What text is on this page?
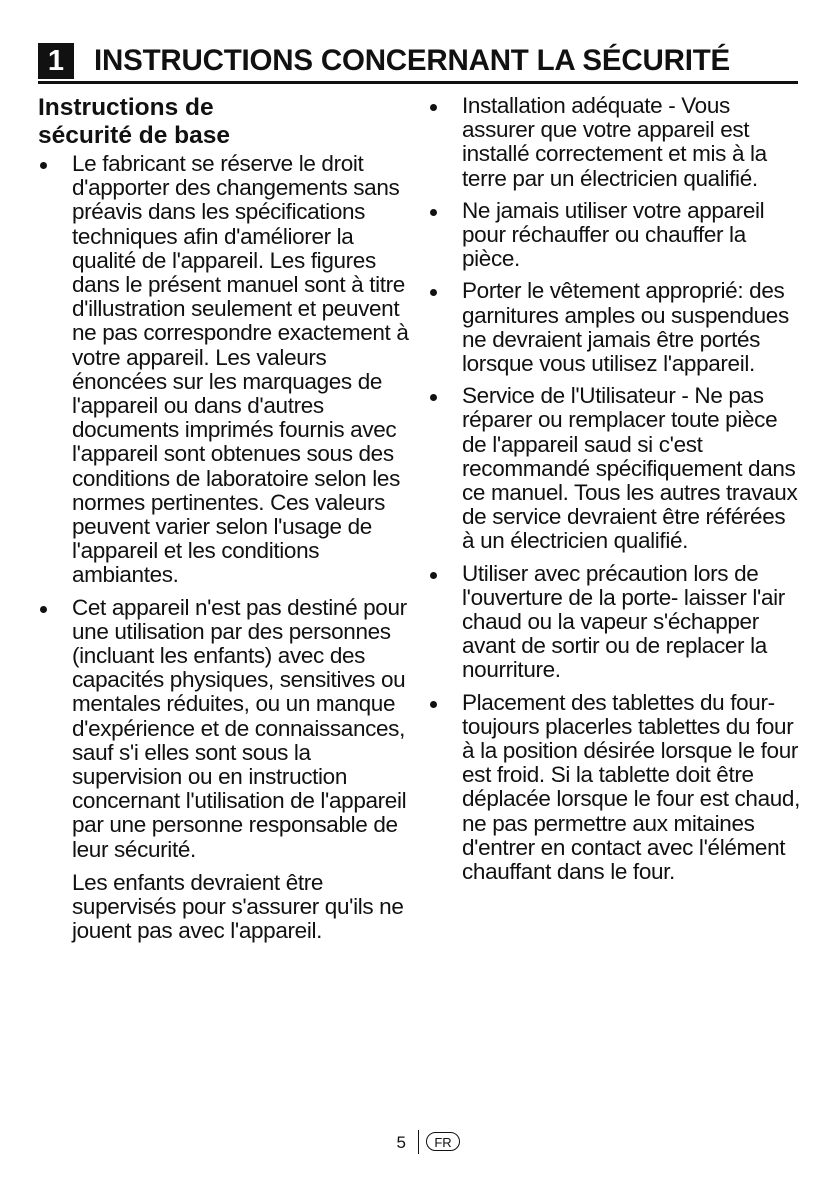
1	INSTRUCTIONS CONCERNANT LA SÉCURITÉ
Instructions de
sécurité de base
Le fabricant se réserve le droit d'apporter des changements sans préavis dans les spécifications techniques afin d'améliorer la qualité de l'appareil. Les figures dans le présent manuel sont à titre d'illustration seulement et peuvent ne pas correspondre exactement à votre appareil. Les valeurs énoncées sur les marquages de l'appareil ou dans d'autres documents imprimés fournis avec l'appareil sont obtenues sous des conditions de laboratoire selon les normes pertinentes. Ces valeurs peuvent varier selon l'usage de l'appareil et les conditions ambiantes.
Cet appareil n'est pas destiné pour une utilisation par des personnes (incluant les enfants) avec des capacités physiques, sensitives ou mentales réduites, ou un manque d'expérience et de connaissances, sauf s'i elles sont sous la supervision ou en instruction concernant l'utilisation de l'appareil par une personne responsable de leur sécurité.
Les enfants devraient être supervisés pour s'assurer qu'ils ne jouent pas avec l'appareil.
Installation adéquate - Vous assurer que votre appareil est installé correctement et mis à la terre par un électricien qualifié.
Ne jamais utiliser votre appareil pour réchauffer ou chauffer la pièce.
Porter le vêtement approprié: des garnitures amples ou suspendues ne devraient jamais être portés lorsque vous utilisez l'appareil.
Service de l'Utilisateur - Ne pas réparer ou remplacer toute pièce de l'appareil saud si c'est recommandé spécifiquement dans ce manuel. Tous les autres travaux de service devraient être référées à un électricien qualifié.
Utiliser avec précaution lors de l'ouverture de la porte- laisser l'air chaud ou la vapeur s'échapper avant de sortir ou de replacer la nourriture.
Placement des tablettes du four- toujours placerles tablettes du four à la position désirée lorsque le four est froid. Si la tablette doit être déplacée lorsque le four est chaud, ne pas permettre aux mitaines d'entrer en contact avec l'élément chauffant dans le four.
5	FR
